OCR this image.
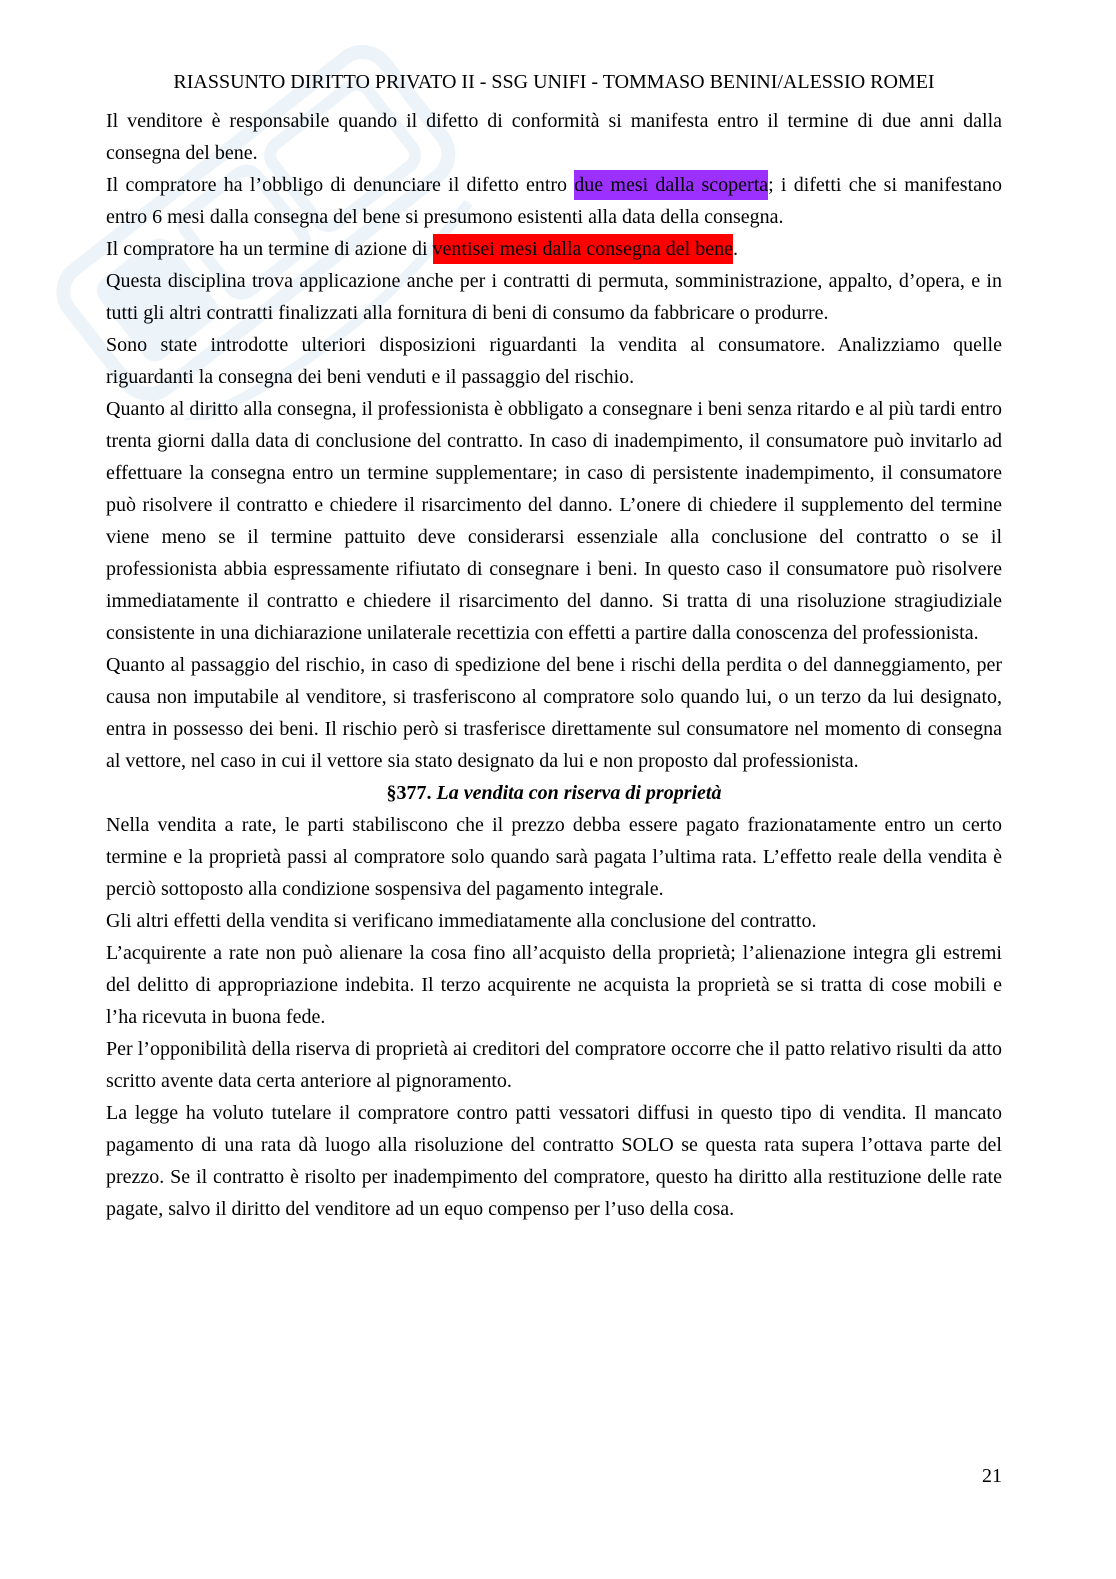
RIASSUNTO DIRITTO PRIVATO II - SSG UNIFI - TOMMASO BENINI/ALESSIO ROMEI

Il venditore è responsabile quando il difetto di conformità si manifesta entro il termine di due anni dalla consegna del bene.

Il compratore ha l’obbligo di denunciare il difetto entro due mesi dalla scoperta; i difetti che si manifestano entro 6 mesi dalla consegna del bene si presumono esistenti alla data della consegna.

Il compratore ha un termine di azione di ventisei mesi dalla consegna del bene.

Questa disciplina trova applicazione anche per i contratti di permuta, somministrazione, appalto, d’opera, e in tutti gli altri contratti finalizzati alla fornitura di beni di consumo da fabbricare o produrre.

Sono state introdotte ulteriori disposizioni riguardanti la vendita al consumatore. Analizziamo quelle riguardanti la consegna dei beni venduti e il passaggio del rischio.

Quanto al diritto alla consegna, il professionista è obbligato a consegnare i beni senza ritardo e al più tardi entro trenta giorni dalla data di conclusione del contratto. In caso di inadempimento, il consumatore può invitarlo ad effettuare la consegna entro un termine supplementare; in caso di persistente inadempimento, il consumatore può risolvere il contratto e chiedere il risarcimento del danno. L’onere di chiedere il supplemento del termine viene meno se il termine pattuito deve considerarsi essenziale alla conclusione del contratto o se il professionista abbia espressamente rifiutato di consegnare i beni. In questo caso il consumatore può risolvere immediatamente il contratto e chiedere il risarcimento del danno. Si tratta di una risoluzione stragiudiziale consistente in una dichiarazione unilaterale recettizia con effetti a partire dalla conoscenza del professionista.

Quanto al passaggio del rischio, in caso di spedizione del bene i rischi della perdita o del danneggiamento, per causa non imputabile al venditore, si trasferiscono al compratore solo quando lui, o un terzo da lui designato, entra in possesso dei beni. Il rischio però si trasferisce direttamente sul consumatore nel momento di consegna al vettore, nel caso in cui il vettore sia stato designato da lui e non proposto dal professionista.

§377. La vendita con riserva di proprietà

Nella vendita a rate, le parti stabiliscono che il prezzo debba essere pagato frazionatamente entro un certo termine e la proprietà passi al compratore solo quando sarà pagata l’ultima rata. L’effetto reale della vendita è perciò sottoposto alla condizione sospensiva del pagamento integrale.

Gli altri effetti della vendita si verificano immediatamente alla conclusione del contratto.

L’acquirente a rate non può alienare la cosa fino all’acquisto della proprietà; l’alienazione integra gli estremi del delitto di appropriazione indebita. Il terzo acquirente ne acquista la proprietà se si tratta di cose mobili e l’ha ricevuta in buona fede.

Per l’opponibilità della riserva di proprietà ai creditori del compratore occorre che il patto relativo risulti da atto scritto avente data certa anteriore al pignoramento.

La legge ha voluto tutelare il compratore contro patti vessatori diffusi in questo tipo di vendita. Il mancato pagamento di una rata dà luogo alla risoluzione del contratto SOLO se questa rata supera l’ottava parte del prezzo. Se il contratto è risolto per inadempimento del compratore, questo ha diritto alla restituzione delle rate pagate, salvo il diritto del venditore ad un equo compenso per l’uso della cosa.

21
